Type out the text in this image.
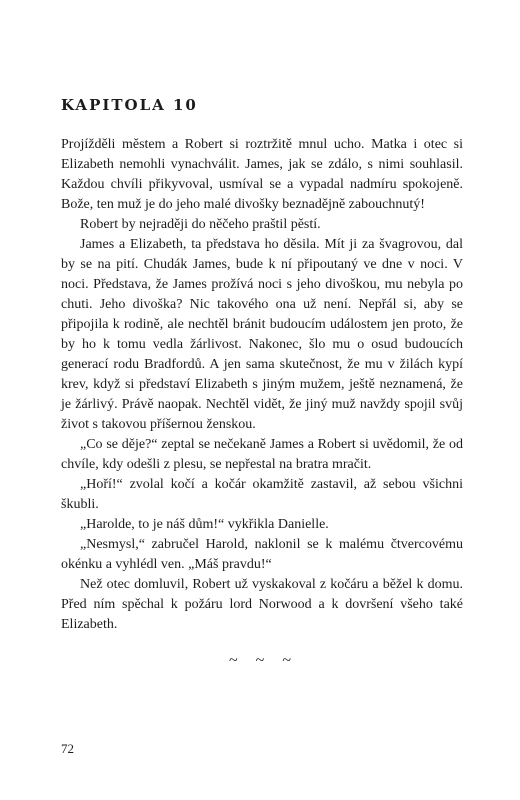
KAPITOLA 10

Projížděli městem a Robert si roztržitě mnul ucho. Matka i otec si Elizabeth nemohli vynachválit. James, jak se zdálo, s nimi souhlasil. Každou chvíli přikyvoval, usmíval se a vypadal nadmíru spokojeně. Bože, ten muž je do jeho malé divošky beznadějně zabouchnutý!

Robert by nejraději do něčeho praštil pěstí.

James a Elizabeth, ta představa ho děsila. Mít ji za švagrovou, dal by se na pití. Chudák James, bude k ní připoutaný ve dne v noci. V noci. Představa, že James prožívá noci s jeho divoškou, mu nebyla po chuti. Jeho divoška? Nic takového ona už není. Nepřál si, aby se připojila k rodině, ale nechtěl bránit budoucím událostem jen proto, že by ho k tomu vedla žárlivost. Nakonec, šlo mu o osud budoucích generací rodu Bradfordů. A jen sama skutečnost, že mu v žilách kypí krev, když si představí Elizabeth s jiným mužem, ještě neznamená, že je žárlivý. Právě naopak. Nechtěl vidět, že jiný muž navždy spojil svůj život s takovou příšernou ženskou.

„Co se děje?“ zeptal se nečekaně James a Robert si uvědomil, že od chvíle, kdy odešli z plesu, se nepřestal na bratra mračit.

„Hoří!“ zvolal kočí a kočár okamžitě zastavil, až sebou všichni škubli.

„Harolde, to je náš dům!“ vykřikla Danielle.

„Nesmysl,“ zabručel Harold, naklonil se k malému čtvercovému okénku a vyhlédl ven. „Máš pravdu!“

Než otec domluvil, Robert už vyskakoval z kočáru a běžel k domu. Před ním spěchal k požáru lord Norwood a k dovršení všeho také Elizabeth.

~ ~ ~
72
